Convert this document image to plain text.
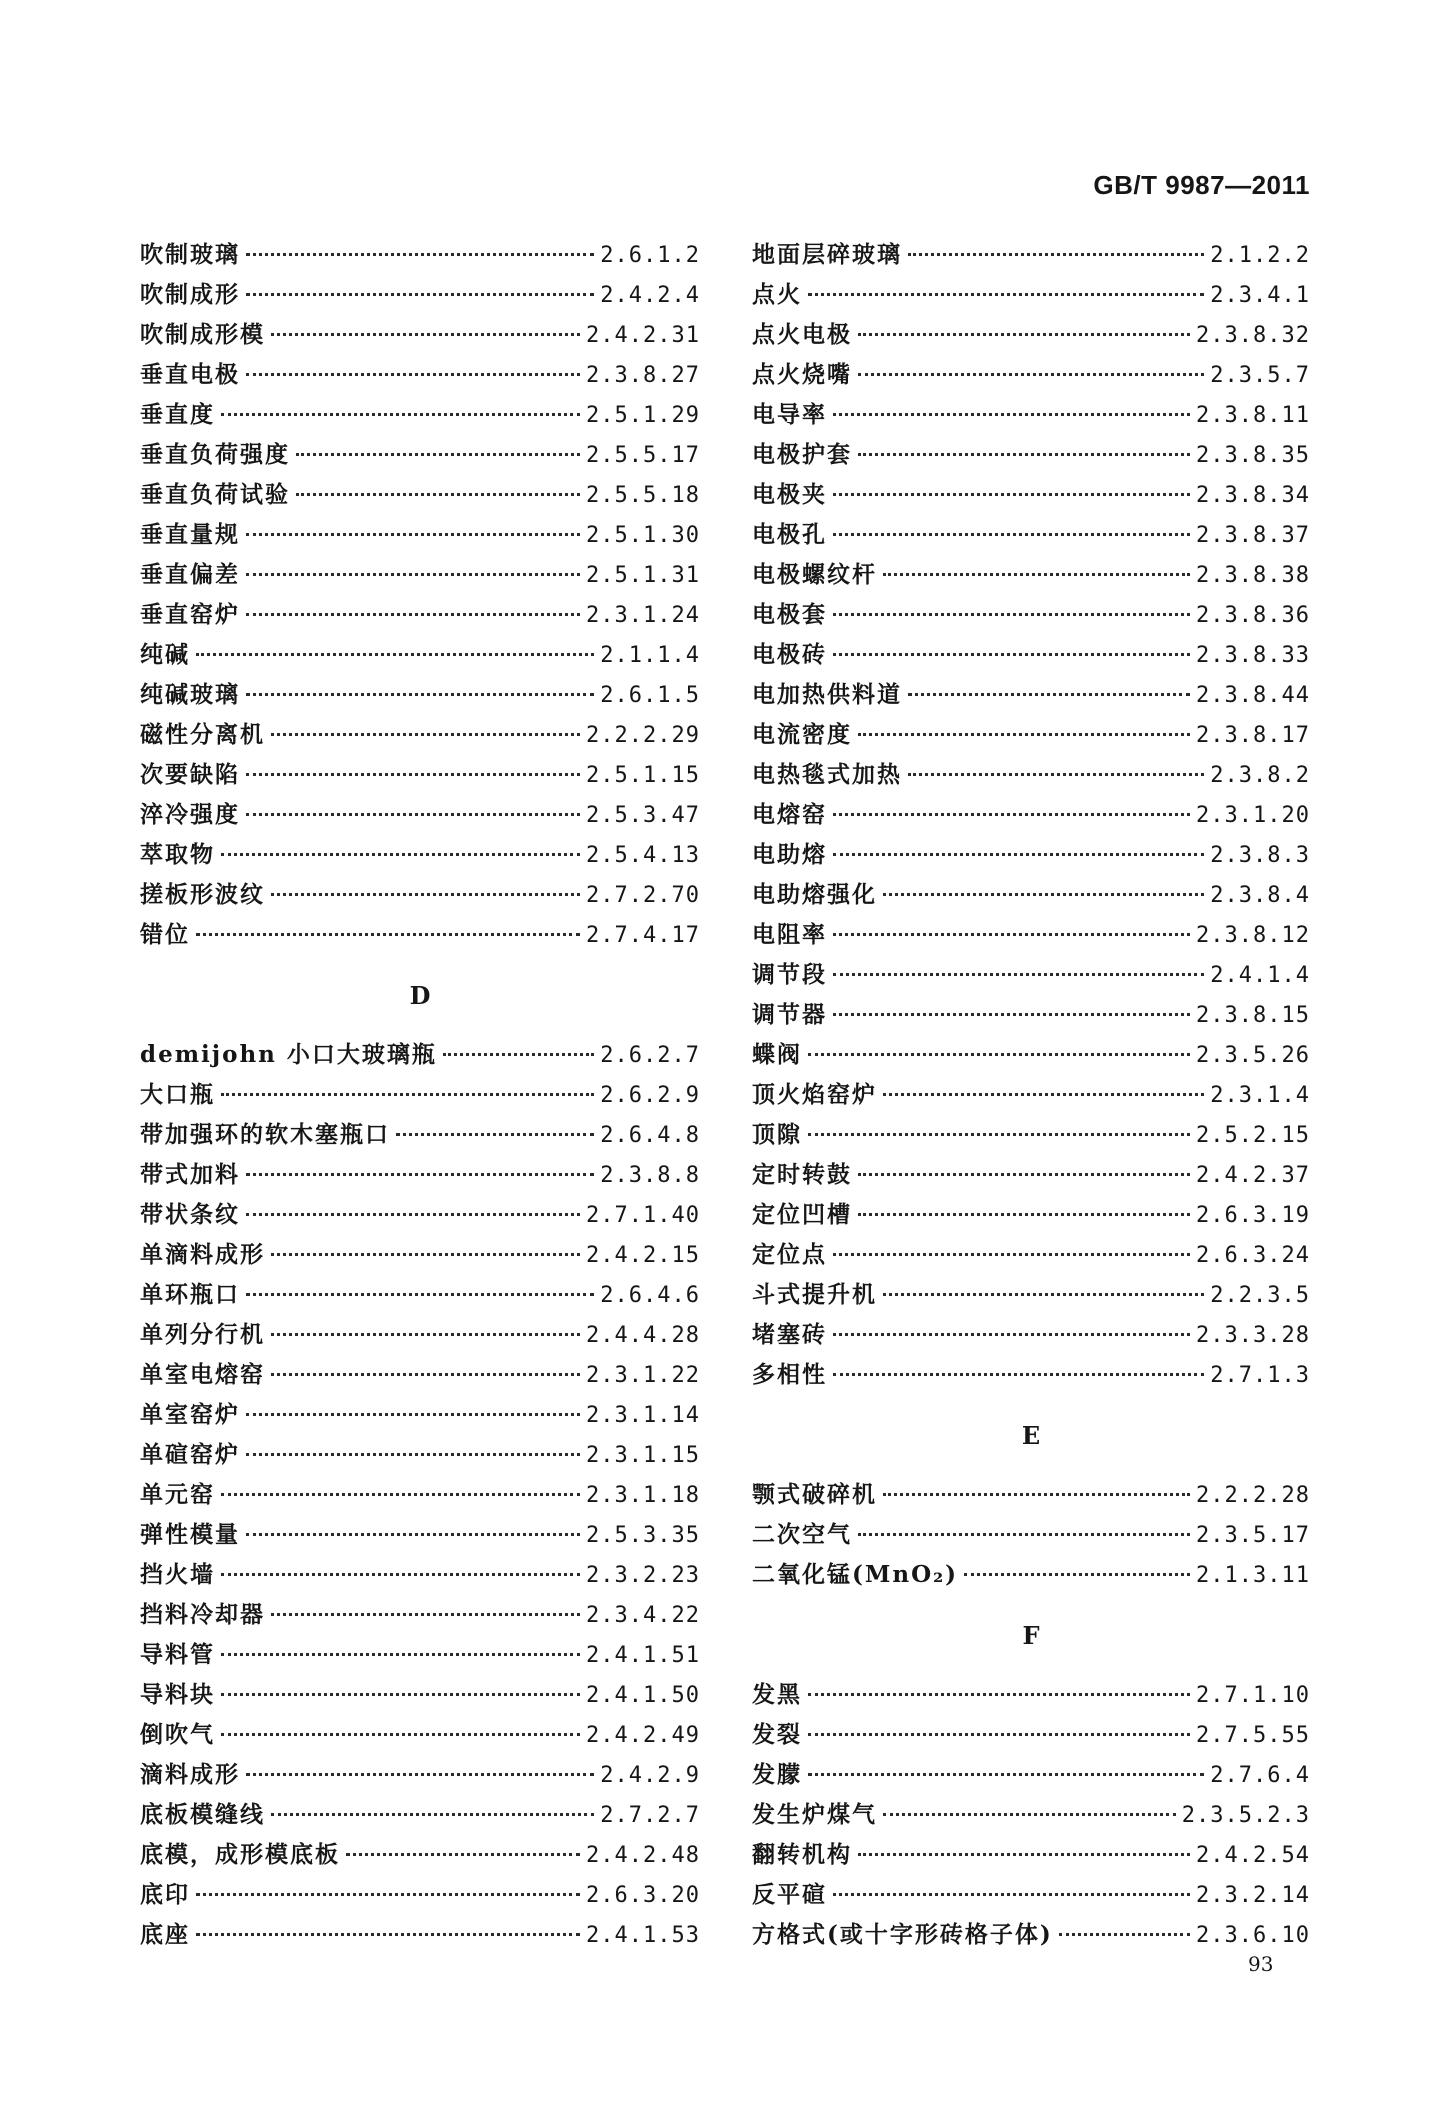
GB/T 9987—2011
吹制玻璃	2.6.1.2
吹制成形	2.4.2.4
吹制成形模	2.4.2.31
垂直电极	2.3.8.27
垂直度	2.5.1.29
垂直负荷强度	2.5.5.17
垂直负荷试验	2.5.5.18
垂直量规	2.5.1.30
垂直偏差	2.5.1.31
垂直窑炉	2.3.1.24
纯碱	2.1.1.4
纯碱玻璃	2.6.1.5
磁性分离机	2.2.2.29
次要缺陷	2.5.1.15
淬冷强度	2.5.3.47
萃取物	2.5.4.13
搓板形波纹	2.7.2.70
错位	2.7.4.17
D
demijohn 小口大玻璃瓶	2.6.2.7
大口瓶	2.6.2.9
带加强环的软木塞瓶口	2.6.4.8
带式加料	2.3.8.8
带状条纹	2.7.1.40
单滴料成形	2.4.2.15
单环瓶口	2.6.4.6
单列分行机	2.4.4.28
单室电熔窑	2.3.1.22
单室窑炉	2.3.1.14
单碹窑炉	2.3.1.15
单元窑	2.3.1.18
弹性模量	2.5.3.35
挡火墙	2.3.2.23
挡料冷却器	2.3.4.22
导料管	2.4.1.51
导料块	2.4.1.50
倒吹气	2.4.2.49
滴料成形	2.4.2.9
底板模缝线	2.7.2.7
底模，成形模底板	2.4.2.48
底印	2.6.3.20
底座	2.4.1.53
地面层碎玻璃	2.1.2.2
点火	2.3.4.1
点火电极	2.3.8.32
点火烧嘴	2.3.5.7
电导率	2.3.8.11
电极护套	2.3.8.35
电极夹	2.3.8.34
电极孔	2.3.8.37
电极螺纹杆	2.3.8.38
电极套	2.3.8.36
电极砖	2.3.8.33
电加热供料道	2.3.8.44
电流密度	2.3.8.17
电热毯式加热	2.3.8.2
电熔窑	2.3.1.20
电助熔	2.3.8.3
电助熔强化	2.3.8.4
电阻率	2.3.8.12
调节段	2.4.1.4
调节器	2.3.8.15
蝶阀	2.3.5.26
顶火焰窑炉	2.3.1.4
顶隙	2.5.2.15
定时转鼓	2.4.2.37
定位凹槽	2.6.3.19
定位点	2.6.3.24
斗式提升机	2.2.3.5
堵塞砖	2.3.3.28
多相性	2.7.1.3
E
颚式破碎机	2.2.2.28
二次空气	2.3.5.17
二氧化锰(MnO₂)	2.1.3.11
F
发黑	2.7.1.10
发裂	2.7.5.55
发朦	2.7.6.4
发生炉煤气	2.3.5.2.3
翻转机构	2.4.2.54
反平碹	2.3.2.14
方格式(或十字形砖格子体)	2.3.6.10
93
